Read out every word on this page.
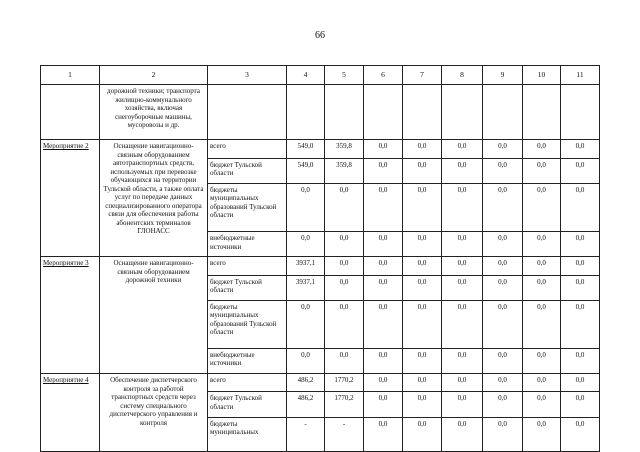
66
1	2	3	4	5	6	7	8	9	10	11
	дорожной техники; транспорта жилищно-коммунального хозяйства, включая снегоуборочные машины, мусоровозы и др.									
Мероприятие 2	Оснащение навигационно-связным оборудованием автотранспортных средств, используемых при перевозке обучающихся на территории Тульской области, а также оплата услуг по передаче данных специализированного оператора связи для обеспечения работы абонентских терминалов ГЛОНАСС	всего	549,0	359,8	0,0	0,0	0,0	0,0	0,0	0,0
		бюджет Тульской области	549,0	359,8	0,0	0,0	0,0	0,0	0,0	0,0
		бюджеты муниципальных образований Тульской области	0,0	0,0	0,0	0,0	0,0	0,0	0,0	0,0
		внебюджетные источники	0,0	0,0	0,0	0,0	0,0	0,0	0,0	0,0
Мероприятие 3	Оснащение навигационно-связным оборудованием дорожной техники	всего	3937,1	0,0	0,0	0,0	0,0	0,0	0,0	0,0
		бюджет Тульской области	3937,1	0,0	0,0	0,0	0,0	0,0	0,0	0,0
		бюджеты муниципальных образований Тульской области	0,0	0,0	0,0	0,0	0,0	0,0	0,0	0,0
		внебюджетные источники	0,0	0,0	0,0	0,0	0,0	0,0	0,0	0,0
Мероприятие 4	Обеспечение диспетчерского контроля за работой транспортных средств через систему специального диспетчерского управления и контроля	всего	486,2	1770,2	0,0	0,0	0,0	0,0	0,0	0,0
		бюджет Тульской области	486,2	1770,2	0,0	0,0	0,0	0,0	0,0	0,0
		бюджеты муниципальных	-	-	0,0	0,0	0,0	0,0	0,0	0,0
